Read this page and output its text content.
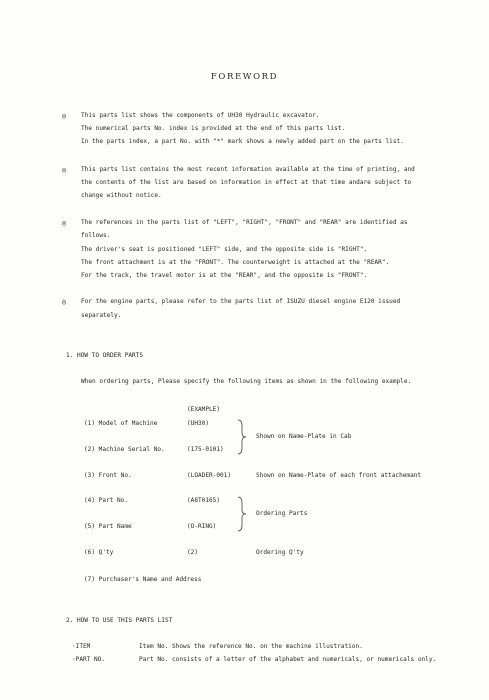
FOREWORD
◎ This parts list shows the components of UH30 Hydraulic excavator.
The numerical parts No. index is provided at the end of this parts list.
In the parts index, a part No. with "*" mark shows a newly added part on the parts list.
◎ This parts list contains the most recent information available at the time of printing, and
the contents of the list are based on information in effect at that time andare subject to
change without notice.
◎ The references in the parts list of "LEFT", "RIGHT", "FRONT" and "REAR" are identified as
follows.
The driver's seat is positioned "LEFT" side, and the opposite side is "RIGHT".
The front attachment is at the "FRONT". The counterweight is attached at the "REAR".
For the track, the travel motor is at the "REAR", and the opposite is "FRONT".
◎ For the engine parts, please refer to the parts list of ISUZU diesel engine E120 issued
separately.
1. HOW TO ORDER PARTS
When ordering parts, Please specify the following items as shown in the following example.
(EXAMPLE)
(1) Model of Machine	(UH30)
(2) Machine Serial No.	(175-0101)
Shown on Name-Plate in Cab
(3) Front No.	(LOADER-001)	Shown on Name-Plate of each front attachemant
(4) Part No.	(A8T0165)
(5) Part Name	(O-RING)
Ordering Parts
(6) Q'ty	(2)	Ordering Q'ty
(7) Purchaser's Name and Address
2. HOW TO USE THIS PARTS LIST
·ITEM	Item No. Shows the reference No. on the machine illustration.
·PART NO.	Part No. consists of a letter of the alphabet and numericals, or numericals only.
